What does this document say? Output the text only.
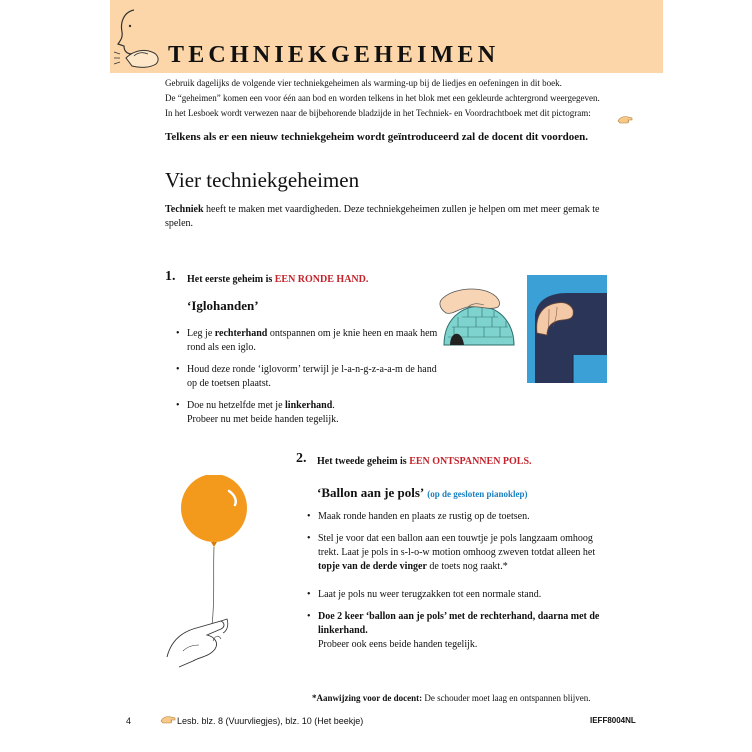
TECHNIEKGEHEIMEN
Gebruik dagelijks de volgende vier techniekgeheimen als warming-up bij de liedjes en oefeningen in dit boek.
De “geheimen” komen een voor één aan bod en worden telkens in het blok met een gekleurde achtergrond weergegeven.
In het Lesboek wordt verwezen naar de bijbehorende bladzijde in het Techniek- en Voordrachtboek met dit pictogram:
Telkens als er een nieuw techniekgeheim wordt geïntroduceerd zal de docent dit voordoen.
Vier techniekgeheimen
Techniek heeft te maken met vaardigheden. Deze techniekgeheimen zullen je helpen om met meer gemak te spelen.
1. Het eerste geheim is EEN RONDE HAND.
‘Iglohanden’
• Leg je rechterhand ontspannen om je knie heen en maak hem rond als een iglo.
• Houd deze ronde ‘iglovorm’ terwijl je l-a-n-g-z-a-a-m de hand op de toetsen plaatst.
• Doe nu hetzelfde met je linkerhand.
Probeer nu met beide handen tegelijk.
2. Het tweede geheim is EEN ONTSPANNEN POLS.
‘Ballon aan je pols’ (op de gesloten pianoklep)
• Maak ronde handen en plaats ze rustig op de toetsen.
• Stel je voor dat een ballon aan een touwtje je pols langzaam omhoog trekt. Laat je pols in s-l-o-w motion omhoog zweven totdat alleen het topje van de derde vinger de toets nog raakt.*
• Laat je pols nu weer terugzakken tot een normale stand.
• Doe 2 keer ‘ballon aan je pols’ met de rechterhand, daarna met de linkerhand.
Probeer ook eens beide handen tegelijk.
*Aanwijzing voor de docent: De schouder moet laag en ontspannen blijven.
4	Lesb. blz. 8 (Vuurvliegjes), blz. 10 (Het beekje)	IEFF8004NL
